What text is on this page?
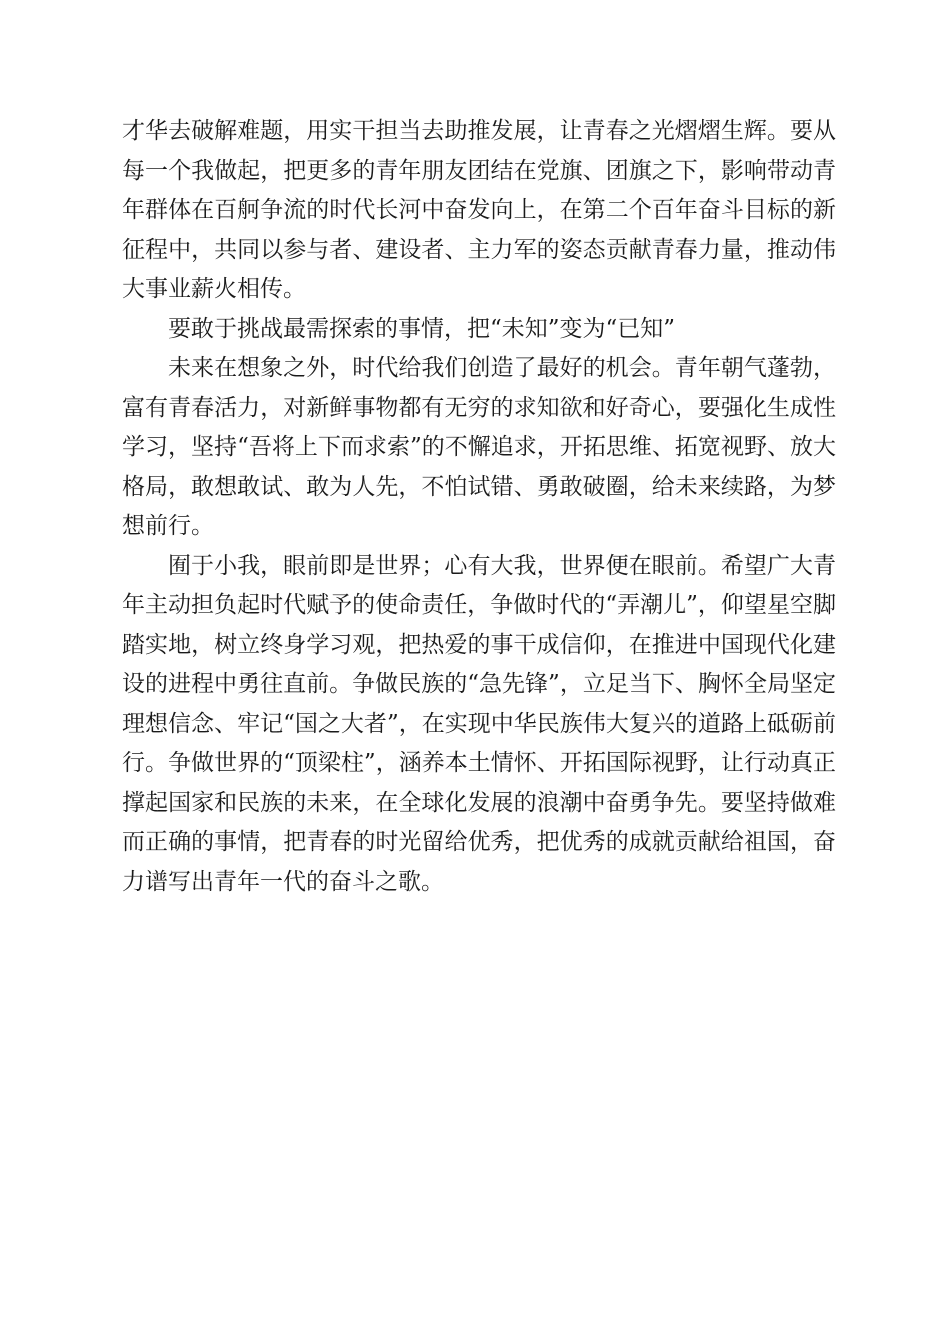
才华去破解难题，用实干担当去助推发展，让青春之光熠熠生辉。要从每一个我做起，把更多的青年朋友团结在党旗、团旗之下，影响带动青年群体在百舸争流的时代长河中奋发向上，在第二个百年奋斗目标的新征程中，共同以参与者、建设者、主力军的姿态贡献青春力量，推动伟大事业薪火相传。

要敢于挑战最需探索的事情，把“未知”变为“已知”

未来在想象之外，时代给我们创造了最好的机会。青年朝气蓬勃，富有青春活力，对新鲜事物都有无穷的求知欲和好奇心，要强化生成性学习，坚持“吾将上下而求索”的不懈追求，开拓思维、拓宽视野、放大格局，敢想敢试、敢为人先，不怕试错、勇敢破圈，给未来续路，为梦想前行。

囿于小我，眼前即是世界；心有大我，世界便在眼前。希望广大青年主动担负起时代赋予的使命责任，争做时代的“弄潮儿”，仰望星空脚踏实地，树立终身学习观，把热爱的事干成信仰，在推进中国现代化建设的进程中勇往直前。争做民族的“急先锋”，立足当下、胸怀全局坚定理想信念、牢记“国之大者”，在实现中华民族伟大复兴的道路上砥砺前行。争做世界的“顶梁柱”，涵养本土情怀、开拓国际视野，让行动真正撑起国家和民族的未来，在全球化发展的浪潮中奋勇争先。要坚持做难而正确的事情，把青春的时光留给优秀，把优秀的成就贡献给祖国，奋力谱写出青年一代的奋斗之歌。
